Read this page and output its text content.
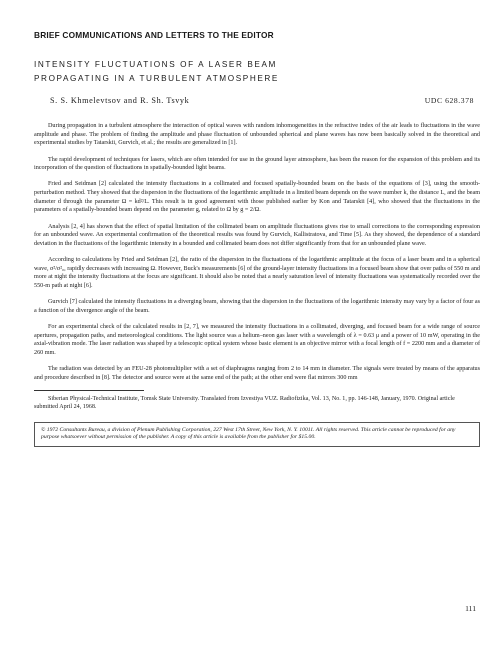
BRIEF COMMUNICATIONS AND LETTERS TO THE EDITOR

INTENSITY FLUCTUATIONS OF A LASER BEAM

PROPAGATING IN A TURBULENT ATMOSPHERE

S. S. Khmelevtsov and R. Sh. Tsvyk	UDC 628.378

During propagation in a turbulent atmosphere the interaction of optical waves with random inhomogeneities in the refractive index of the air leads to fluctuations in the wave amplitude and phase. The problem of finding the amplitude and phase fluctuation of unbounded spherical and plane waves has now been basically solved in the theoretical and experimental studies by Tatarskii, Gurvich, et al.; the results are generalized in [1].

The rapid development of techniques for lasers, which are often intended for use in the ground layer atmosphere, has been the reason for the expansion of this problem and its incorporation of the question of fluctuations in spatially-bounded light beams.

Fried and Seidman [2] calculated the intensity fluctuations in a collimated and focused spatially-bounded beam on the basis of the equations of [3], using the smooth-perturbation method. They showed that the dispersion in the fluctuations of the logarithmic amplitude in a limited beam depends on the wave number k, the distance L, and the beam diameter d through the parameter Ω = kd²/L. This result is in good agreement with those published earlier by Kon and Tatarskii [4], who showed that the fluctuations in the parameters of a spatially-bounded beam depend on the parameter g, related to Ω by g = 2/Ω.

Analysis [2, 4] has shown that the effect of spatial limitation of the collimated beam on amplitude fluctuations gives rise to small corrections to the corresponding expression for an unbounded wave. An experimental confirmation of the theoretical results was found by Gurvich, Kallistratova, and Time [5]. As they showed, the dependence of a standard deviation in the fluctuations of the logarithmic intensity in a bounded and collimated beam does not differ significantly from that for an unbounded plane wave.

According to calculations by Fried and Seidman [2], the ratio of the dispersion in the fluctuations of the logarithmic amplitude at the focus of a laser beam and in a spherical wave, σ²/σ²₀, rapidly decreases with increasing Ω. However, Buck's measurements [6] of the ground-layer intensity fluctuations in a focused beam show that over paths of 550 m and more at night the intensity fluctuations at the focus are significant. It should also be noted that a nearly saturation level of intensity fluctuations was systematically recorded over the 550-m path at night [6].

Gurvich [7] calculated the intensity fluctuations in a diverging beam, showing that the dispersion in the fluctuations of the logarithmic intensity may vary by a factor of four as a function of the divergence angle of the beam.

For an experimental check of the calculated results in [2, 7], we measured the intensity fluctuations in a collimated, diverging, and focused beam for a wide range of source apertures, propagation paths, and meteorological conditions. The light source was a helium–neon gas laser with a wavelength of λ = 0.63 μ and a power of 10 mW, operating in the axial-vibration mode. The laser radiation was shaped by a telescopic optical system whose basic element is an objective mirror with a focal length of f = 2200 mm and a diameter of 260 mm.

The radiation was detected by an FEU-28 photomultiplier with a set of diaphragms ranging from 2 to 14 mm in diameter. The signals were treated by means of the apparatus and procedure described in [8]. The detector and source were at the same end of the path; at the other end were flat mirrors 300 mm

Siberian Physical-Technical Institute, Tomsk State University. Translated from Izvestiya VUZ. Radiofizika, Vol. 13, No. 1, pp. 146-148, January, 1970. Original article submitted April 24, 1968.

© 1972 Consultants Bureau, a division of Plenum Publishing Corporation, 227 West 17th Street, New York, N. Y. 10011. All rights reserved. This article cannot be reproduced for any purpose whatsoever without permission of the publisher. A copy of this article is available from the publisher for $15.00.
111
